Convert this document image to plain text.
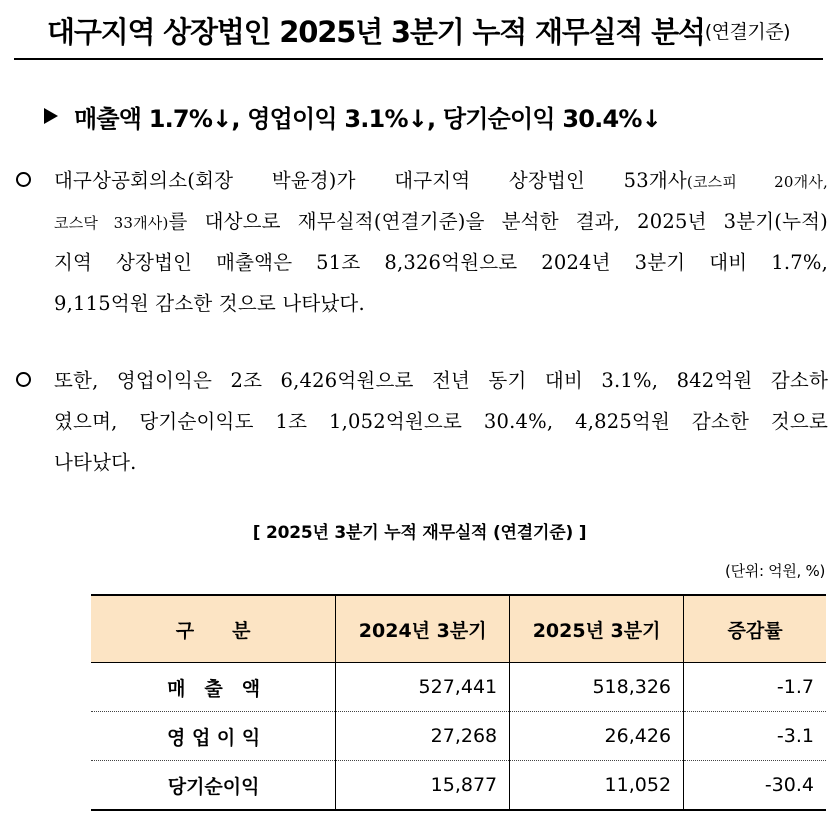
대구지역 상장법인 2025년 3분기 누적 재무실적 분석 (연결기준)
매출액 1.7%↓, 영업이익 3.1%↓, 당기순이익 30.4%↓
대구상공회의소(회장 박윤경)가 대구지역 상장법인 53개사(코스피 20개사,
코스닥 33개사)를 대상으로 재무실적(연결기준)을 분석한 결과, 2025년 3분기(누적)
지역 상장법인 매출액은 51조 8,326억원으로 2024년 3분기 대비 1.7%,
9,115억원 감소한 것으로 나타났다.
또한, 영업이익은 2조 6,426억원으로 전년 동기 대비 3.1%, 842억원 감소하
였으며, 당기순이익도 1조 1,052억원으로 30.4%, 4,825억원 감소한 것으로
나타났다.
[ 2025년 3분기 누적 재무실적 (연결기준) ]
(단위: 억원, %)
구　　분	2024년 3분기	2025년 3분기	증감률
매　출　액	527,441	518,326	-1.7
영 업 이 익	27,268	26,426	-3.1
당기순이익	15,877	11,052	-30.4
